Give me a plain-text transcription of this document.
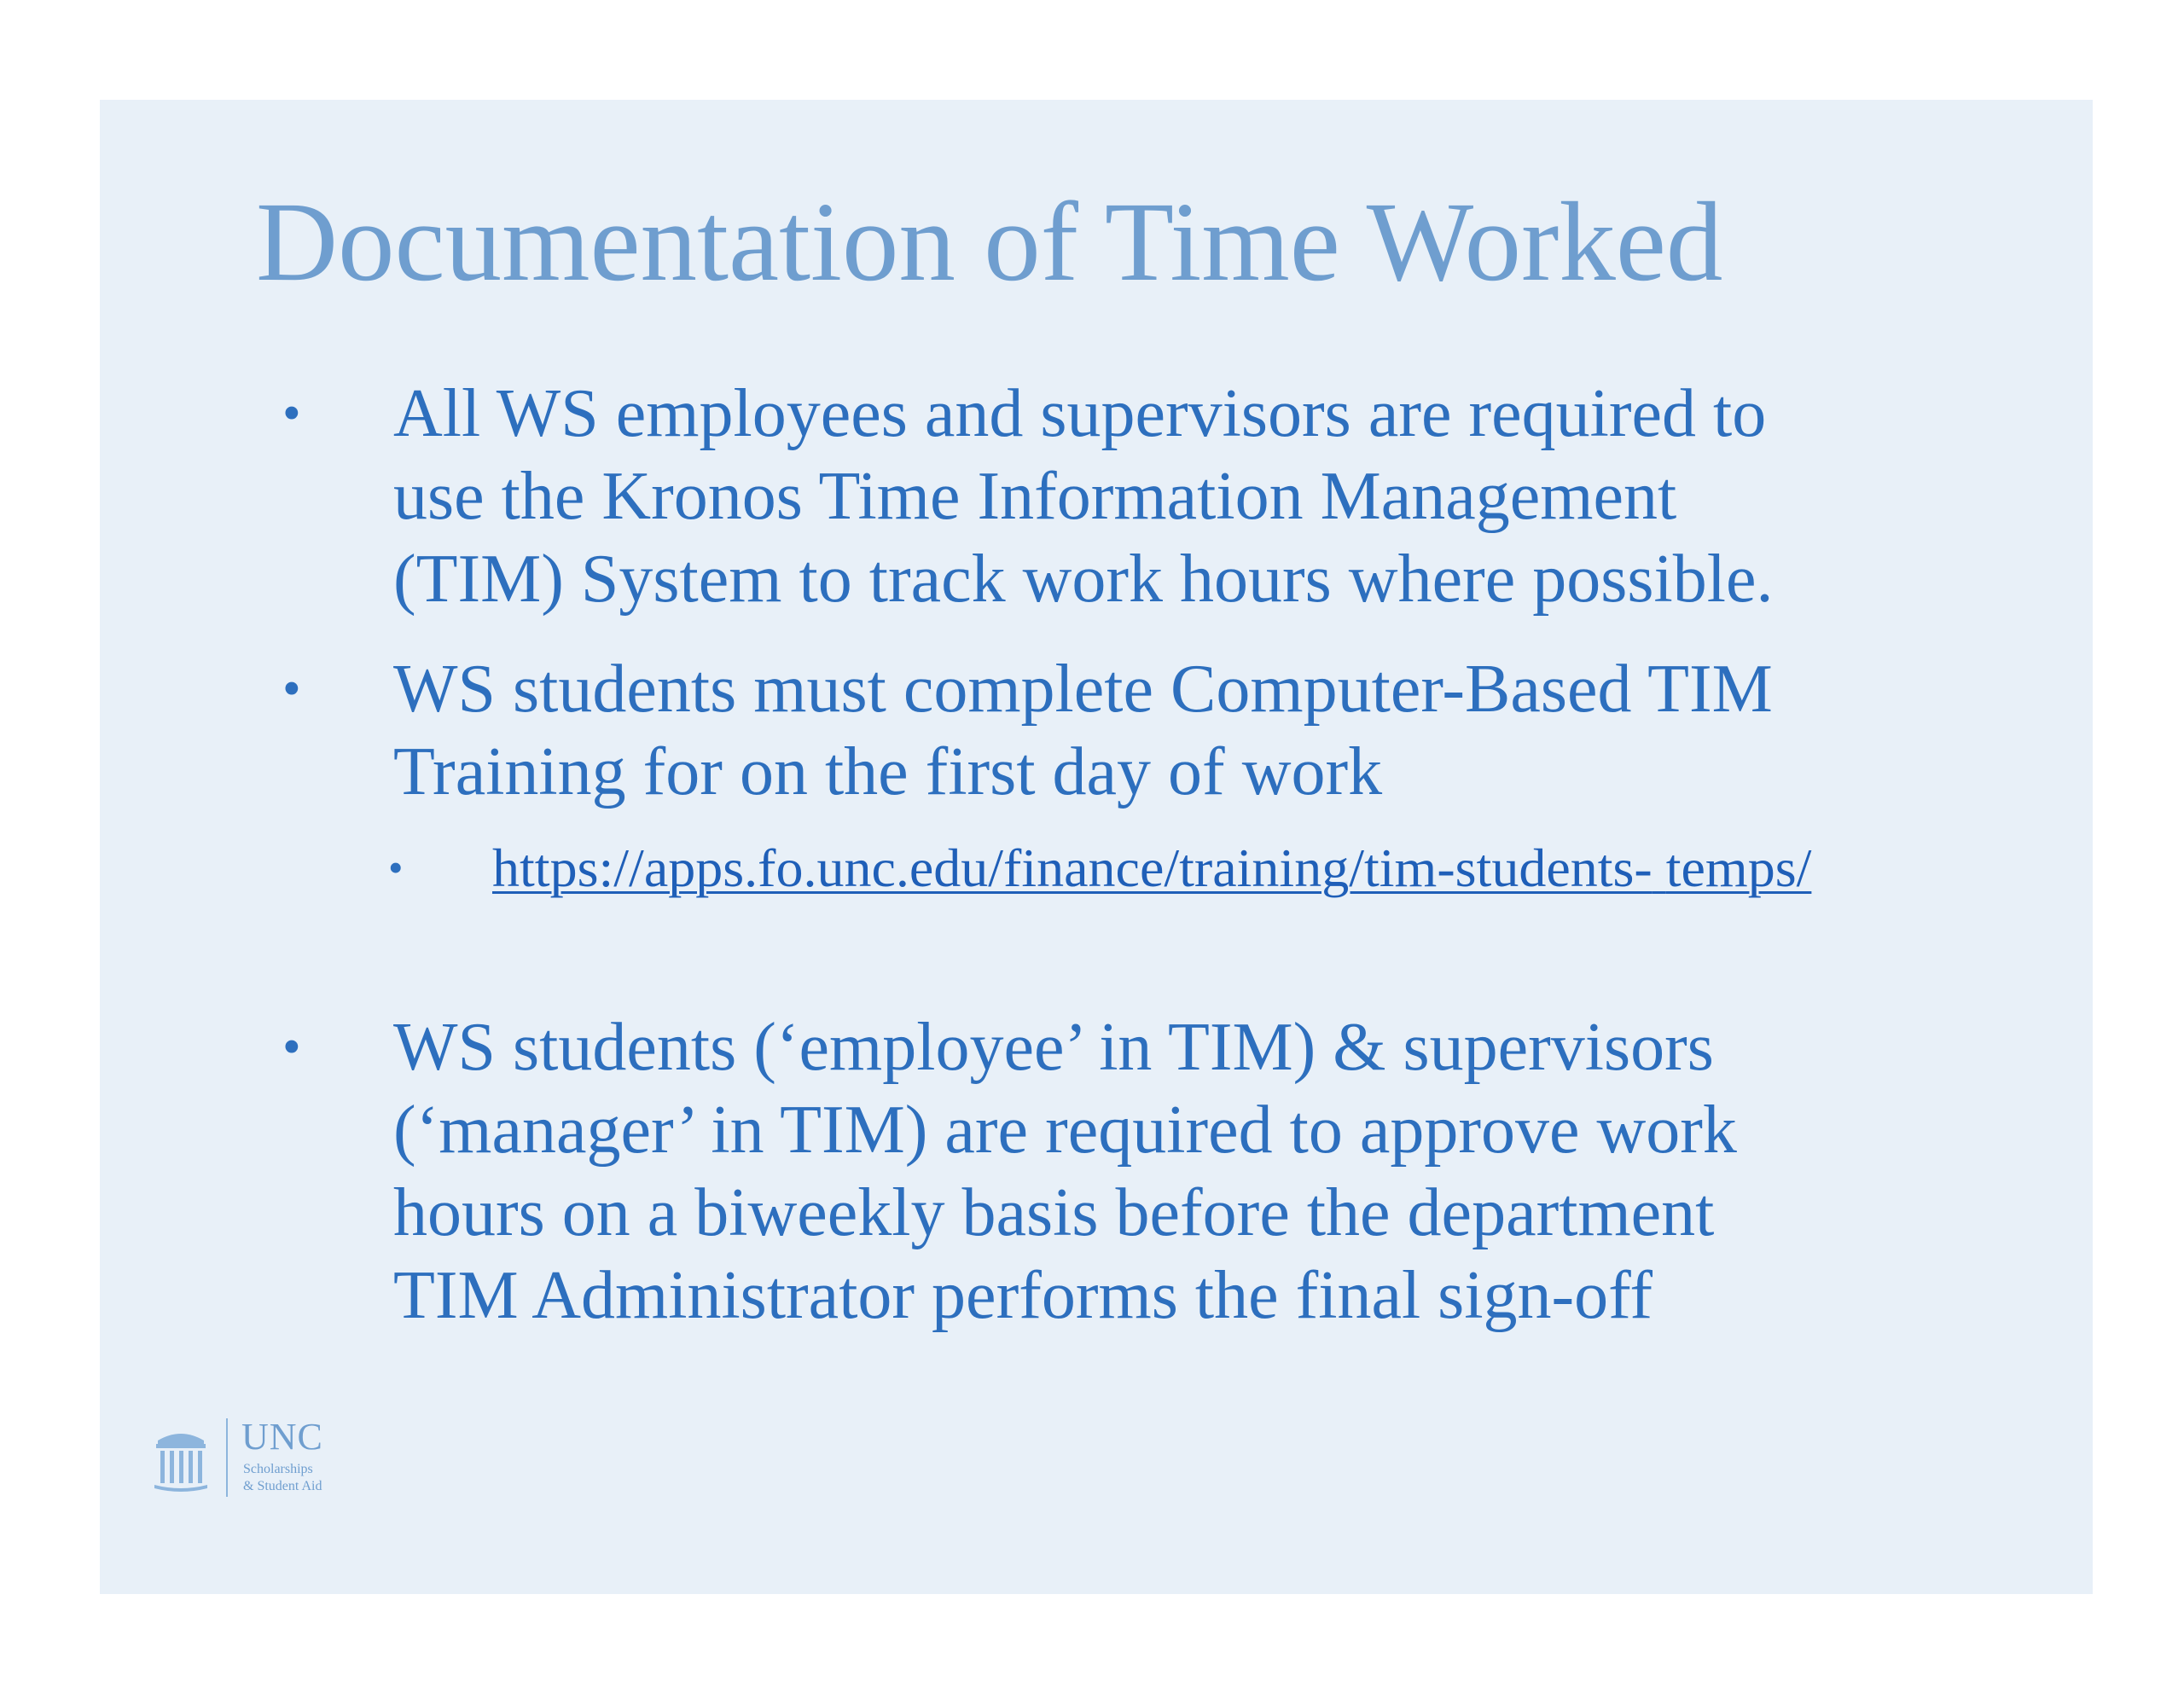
Documentation of Time Worked
• All WS employees and supervisors are required to
use the Kronos Time Information Management
(TIM) System to track work hours where possible.
• WS students must complete Computer-Based TIM
Training for on the first day of work
• https://apps.fo.unc.edu/finance/training/tim-students- temps/
• WS students (‘employee’ in TIM) & supervisors
(‘manager’ in TIM) are required to approve work
hours on a biweekly basis before the department
TIM Administrator performs the final sign-off
UNC
Scholarships
& Student Aid
